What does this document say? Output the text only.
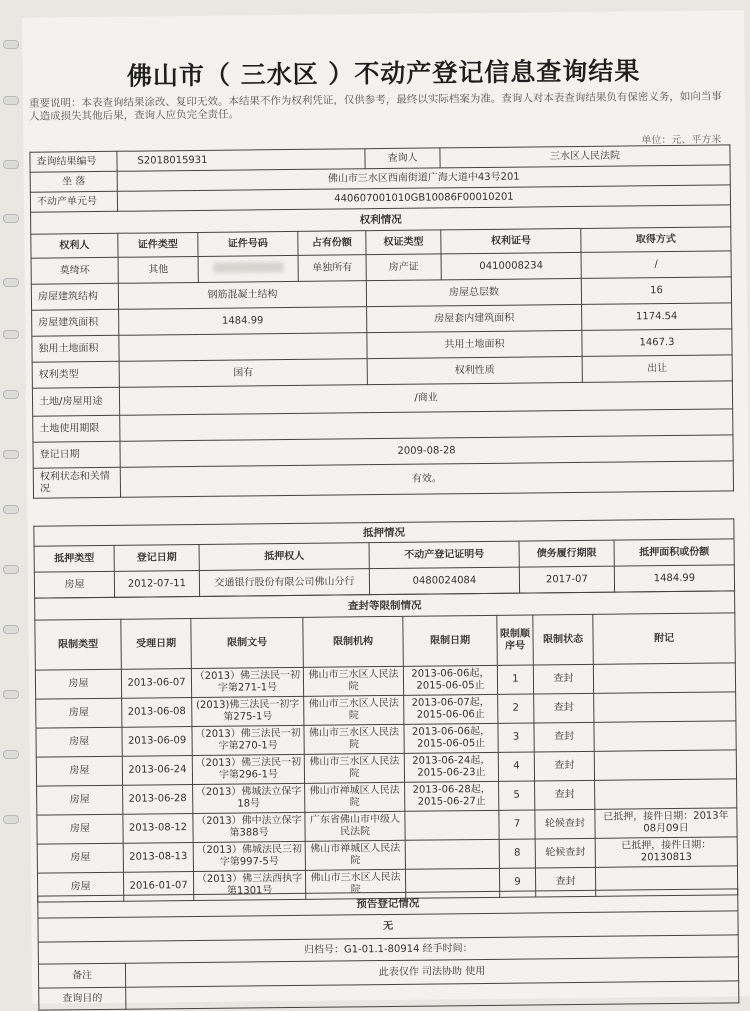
佛山市（ 三水区 ）不动产登记信息查询结果
重要说明：本表查询结果涂改、复印无效。本结果不作为权利凭证，仅供参考，最终以实际档案为准。查询人对本表查询结果负有保密义务，如向当事人造成损失其他后果，查询人应负完全责任。
单位：元、平方米
查询结果编号	S2018015931			查询人	三水区人民法院	
坐 落	佛山市三水区西南街道广海大道中43号201					
不动产单元号	440607001010GB10086F00010201					
权利情况						
权利人	证件类型	证件号码	占有份额	权证类型	权利证号	取得方式
莫绮环	其他		单独所有	房产证	0410008234	/
房屋建筑结构	钢筋混凝土结构			房屋总层数		16
房屋建筑面积	1484.99			房屋套内建筑面积		1174.54
独用土地面积				共用土地面积		1467.3
权利类型	国有			权利性质		出让
土地/房屋用途	/商业					
土地使用期限						
登记日期	2009-08-28					
权利状态和关情况	有效。					
抵押情况					
抵押类型	登记日期	抵押权人	不动产登记证明号	债务履行期限	抵押面积或份额
房屋	2012-07-11	交通银行股份有限公司佛山分行	0480024084	2017-07	1484.99
查封等限制情况							
限制类型	受理日期	限制文号	限制机构	限制日期	限制顺序号	限制状态	附记
房屋	2013-06-07	（2013）佛三法民一初字第271-1号	佛山市三水区人民法院	2013-06-06起，2015-06-05止	1	查封	
房屋	2013-06-08	(2013)佛三法民一初字第275-1号	佛山市三水区人民法院	2013-06-07起，2015-06-06止	2	查封	
房屋	2013-06-09	（2013）佛三法民一初字第270-1号	佛山市三水区人民法院	2013-06-06起，2015-06-05止	3	查封	
房屋	2013-06-24	（2013）佛三法民一初字第296-1号	佛山市三水区人民法院	2013-06-24起，2015-06-23止	4	查封	
房屋	2013-06-28	（2013）佛城法立保字18号	佛山市禅城区人民法院	2013-06-28起，2015-06-27止	5	查封	
房屋	2013-08-12	（2013）佛中法立保字第388号	广东省佛山市中级人民法院		7	轮候查封	已抵押，接件日期：2013年08月09日
房屋	2013-08-13	（2013）佛城法民三初字第997-5号	佛山市禅城区人民法院		8	轮候查封	已抵押，接件日期：20130813
房屋	2016-01-07	（2013）佛三法西执字第1301号	佛山市三水区人民法院		9	查封	
预告登记情况	
无	
归档号：G1-01.1-80914 经手时间：	
备注	此表仅作 司法协助 使用
查询目的	
